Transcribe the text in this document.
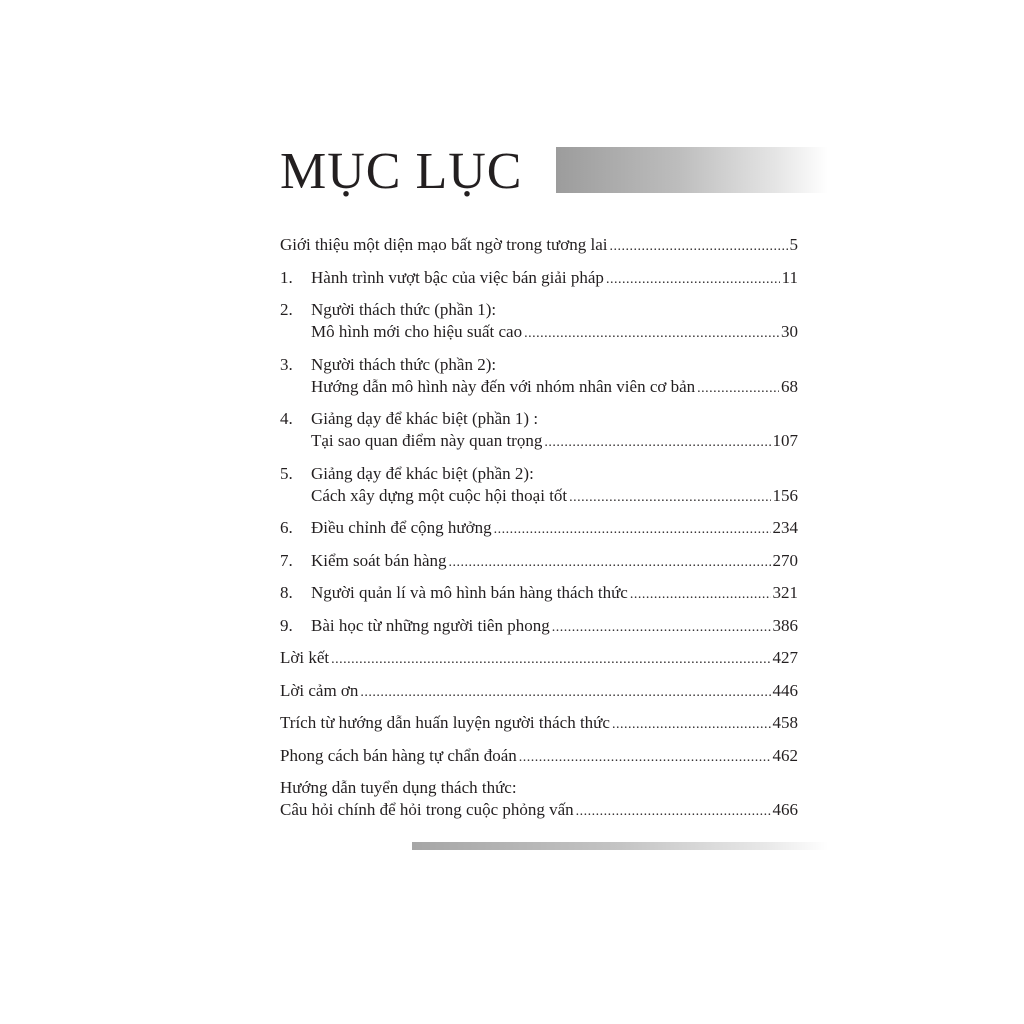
MỤC LỤC
Giới thiệu một diện mạo bất ngờ trong tương lai .....	5
1.	Hành trình vượt bậc của việc bán giải pháp .....	11
2.	Người thách thức (phần 1):
Mô hình mới cho hiệu suất cao .....	30
3.	Người thách thức (phần 2):
Hướng dẫn mô hình này đến với nhóm nhân viên cơ bản .....	68
4.	Giảng dạy để khác biệt (phần 1) :
Tại sao quan điểm này quan trọng .....	107
5.	Giảng dạy để khác biệt (phần 2):
Cách xây dựng một cuộc hội thoại tốt .....	156
6.	Điều chỉnh để cộng hưởng .....	234
7.	Kiểm soát bán hàng .....	270
8.	Người quản lí và mô hình bán hàng thách thức .....	321
9.	Bài học từ những người tiên phong .....	386
Lời kết .....	427
Lời cảm ơn .....	446
Trích từ hướng dẫn huấn luyện người thách thức .....	458
Phong cách bán hàng tự chẩn đoán .....	462
Hướng dẫn tuyển dụng thách thức:
Câu hỏi chính để hỏi trong cuộc phỏng vấn .....	466
